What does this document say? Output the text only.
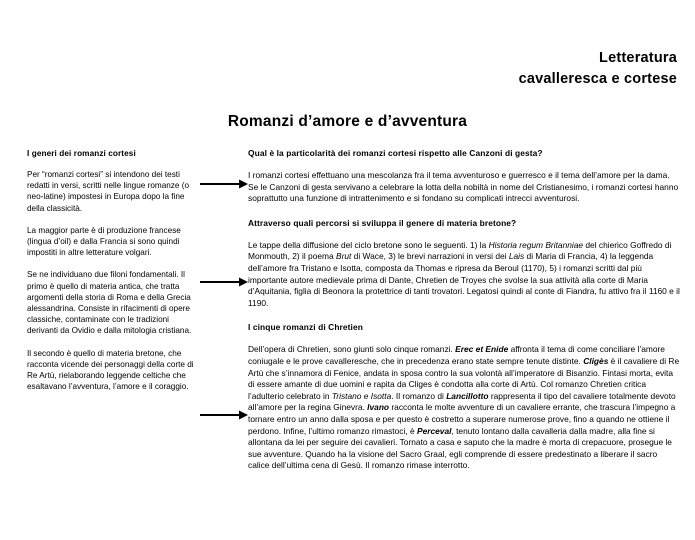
Letteratura
cavalleresca e cortese
Romanzi d’amore e d’avventura
I generi dei romanzi cortesi

Per “romanzi cortesi” si intendono dei testi redatti in versi, scritti nelle lingue romanze (o neo-latine) impostesi in Europa dopo la fine della classicità.

La maggior parte è di produzione francese (lingua d’oil) e dalla Francia si sono quindi impostiti in altre letterature volgari.

Se ne individuano due filoni fondamentali. Il primo è quello di materia antica, che tratta argomenti della storia di Roma e della Grecia alessandrina. Consiste in rifacimenti di opere classiche, contaminate con le tradizioni derivanti da Ovidio e dalla mitologia cristiana.

Il secondo è quello di materia bretone, che racconta vicende dei personaggi della corte di Re Artù, rielaborando leggende celtiche che esaltavano l’avventura, l’amore e il coraggio.

Qual è la particolarità dei romanzi cortesi rispetto alle Canzoni di gesta?

I romanzi cortesi effettuano una mescolanza fra il tema avventuroso e guerresco e il tema dell’amore per la dama. Se le Canzoni di gesta servivano a celebrare la lotta della nobiltà in nome del Cristianesimo, i romanzi cortesi hanno soprattutto una funzione di intrattenimento e si fondano su complicati intrecci avventurosi.

Attraverso quali percorsi si sviluppa il genere di materia bretone?

Le tappe della diffusione del ciclo bretone sono le seguenti. 1) la Historia regum Britanniae del chierico Goffredo di Monmouth, 2) il poema Brut di Wace, 3) le brevi narrazioni in versi dei Lais di Maria di Francia, 4) la leggenda dell’amore fra Tristano e Isotta, composta da Thomas e ripresa da Beroul (1170), 5) i romanzi scritti dal più importante autore medievale prima di Dante, Chretien de Troyes che svolse la sua attività alla corte di Maria d’Aquitania, figlia di Beonora la protettrice di tanti trovatori. Legatosi quindi al conte di Fiandra, fu attivo fra il 1160 e il 1190.

I cinque romanzi di Chretien

Dell’opera di Chretien, sono giunti solo cinque romanzi. Erec et Enide affronta il tema di come conciliare l’amore coniugale e le prove cavalleresche, che in precedenza erano state sempre tenute distinte. Cligès è il cavaliere di Re Artù che s’innamora di Fenice, andata in sposa contro la sua volontà all’imperatore di Bisanzio. Fintasi morta, evita di essere amante di due uomini e rapita da Cliges è condotta alla corte di Artù. Col romanzo Chretien critica l’adulterio celebrato in Tristano e Isotta. Il romanzo di Lancillotto rappresenta il tipo del cavaliere totalmente devoto all’amore per la regina Ginevra. Ivano racconta le molte avventure di un cavaliere errante, che trascura l’impegno a tornare entro un anno dalla sposa e per questo è costretto a superare numerose prove, fino a quando ne ottiene il perdono. Infine, l’ultimo romanzo rimastoci, è Perceval, tenuto lontano dalla cavalleria dalla madre, alla fine si allontana da lei per seguire dei cavalieri. Tornato a casa e saputo che la madre è morta di crepacuore, prosegue le sue avventure. Quando ha la visione del Sacro Graal, egli comprende di essere predestinato a liberare il sacro calice dell’ultima cena di Gesù. Il romanzo rimase interrotto.
